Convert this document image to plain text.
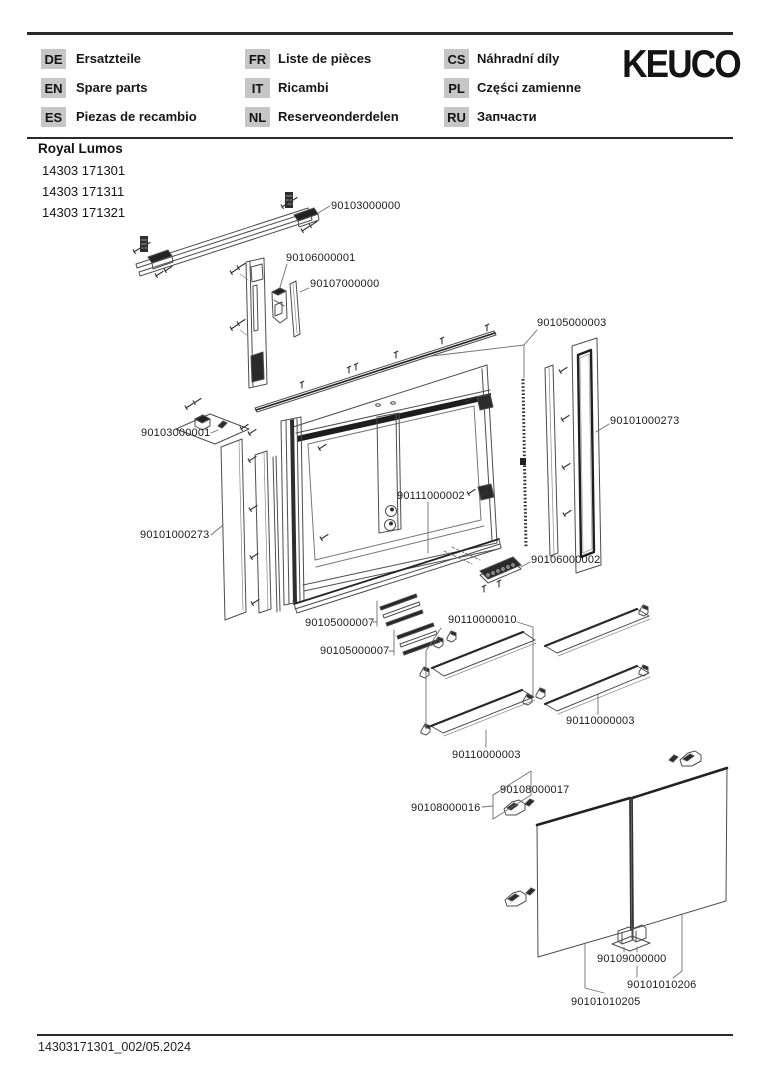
DE Ersatzteile
EN Spare parts
ES Piezas de recambio
FR Liste de pièces
IT	Ricambi
NL Reserveonderdelen
CS Náhradní díly
PL Części zamienne
RU Запчасти
KEUCO
Royal Lumos
14303 171301
14303 171311
14303 171321	90103000000
90106000001
90107000000
90105000003
90101000273
90103000001
90111000002
90101000273
90106000002
90105000007	90110000010
90105000007
90110000003
90110000003
90108000017
90108000016
90109000000
90101010206
90101010205
14303171301_002/05.2024
